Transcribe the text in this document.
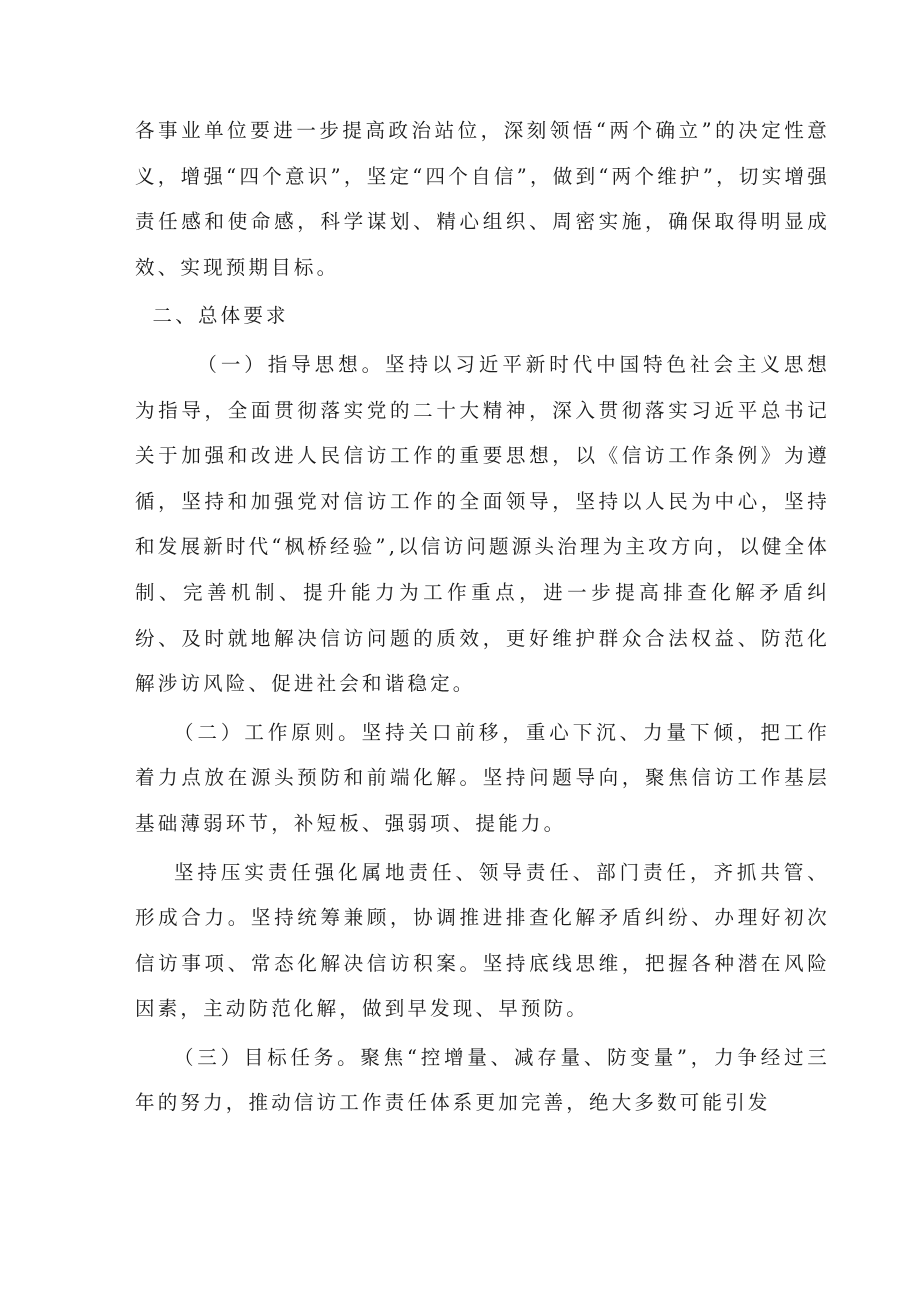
各事业单位要进一步提高政治站位，深刻领悟“两个确立”的决定性意义，增强“四个意识”，坚定“四个自信”，做到“两个维护”，切实增强责任感和使命感，科学谋划、精心组织、周密实施，确保取得明显成效、实现预期目标。

二、总体要求

（一）指导思想。坚持以习近平新时代中国特色社会主义思想为指导，全面贯彻落实党的二十大精神，深入贯彻落实习近平总书记关于加强和改进人民信访工作的重要思想，以《信访工作条例》为遵循，坚持和加强党对信访工作的全面领导，坚持以人民为中心，坚持和发展新时代“枫桥经验”,以信访问题源头治理为主攻方向，以健全体制、完善机制、提升能力为工作重点，进一步提高排查化解矛盾纠纷、及时就地解决信访问题的质效，更好维护群众合法权益、防范化解涉访风险、促进社会和谐稳定。

（二）工作原则。坚持关口前移，重心下沉、力量下倾，把工作着力点放在源头预防和前端化解。坚持问题导向，聚焦信访工作基层基础薄弱环节，补短板、强弱项、提能力。

坚持压实责任强化属地责任、领导责任、部门责任，齐抓共管、形成合力。坚持统筹兼顾，协调推进排查化解矛盾纠纷、办理好初次信访事项、常态化解决信访积案。坚持底线思维，把握各种潜在风险因素，主动防范化解，做到早发现、早预防。

（三）目标任务。聚焦“控增量、减存量、防变量”，力争经过三年的努力，推动信访工作责任体系更加完善，绝大多数可能引发
